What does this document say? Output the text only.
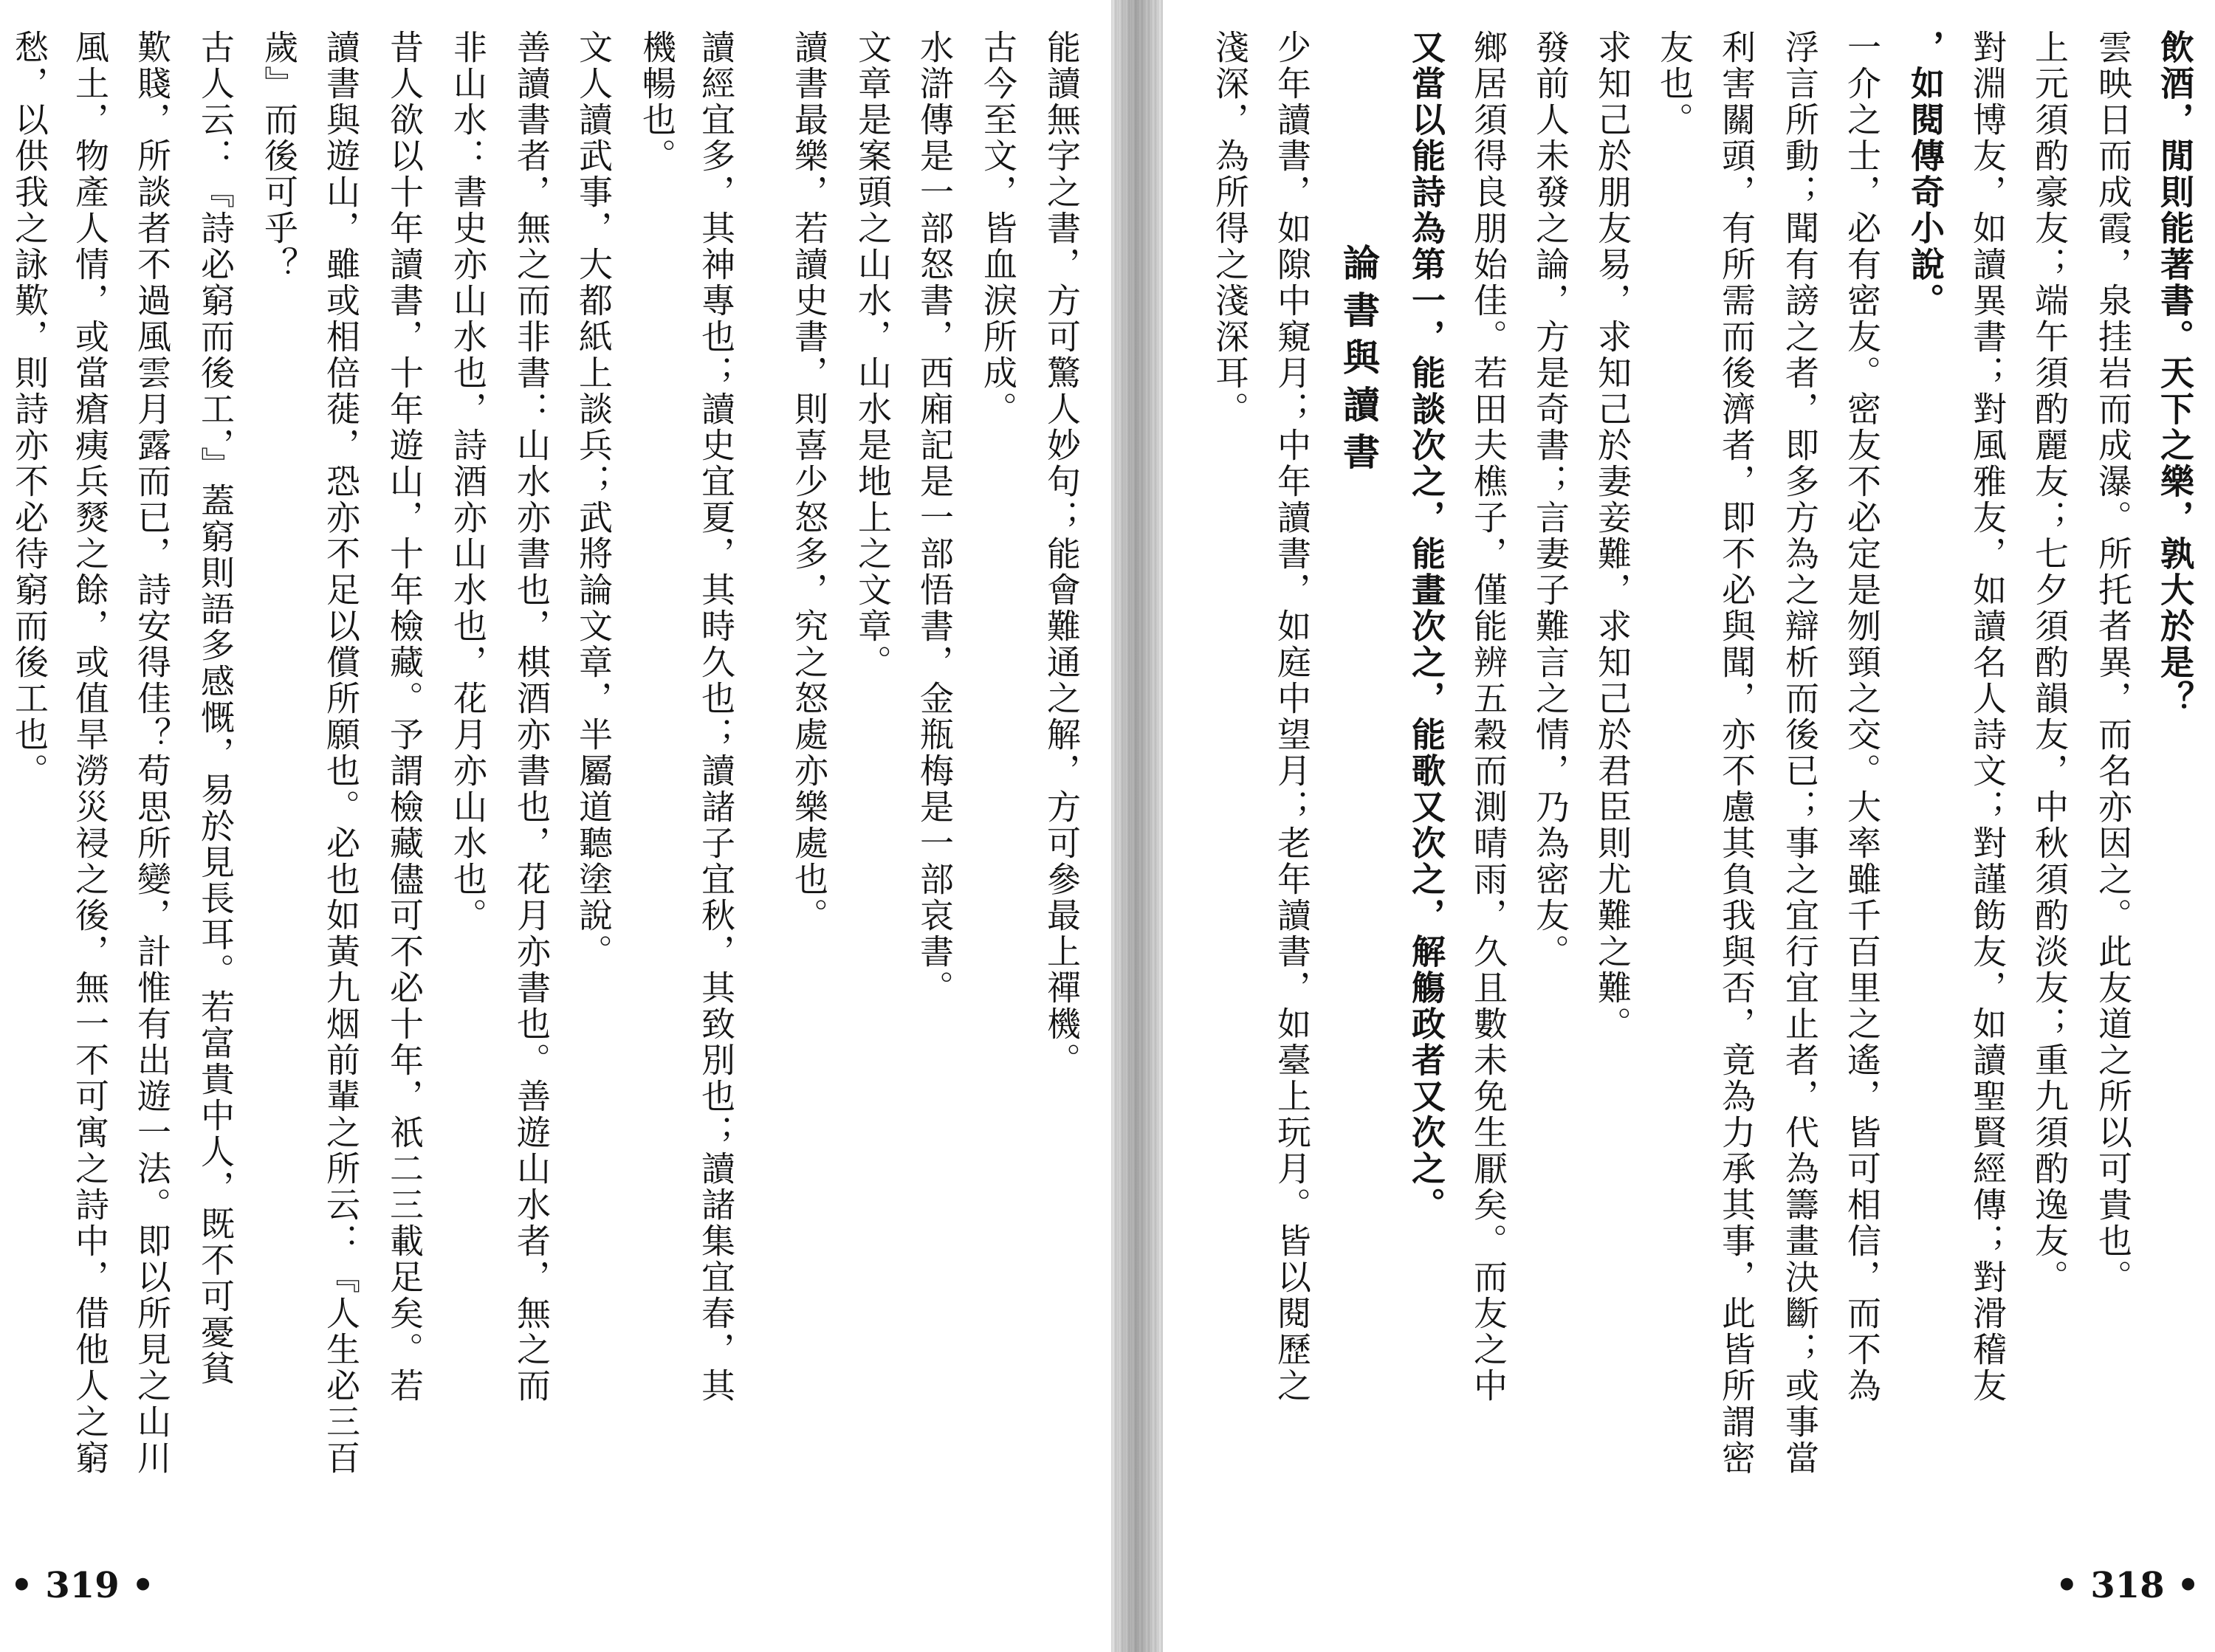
能讀無字之書，方可驚人妙句；能會難通之解，方可參最上禪機。
古今至文，皆血淚所成。
水滸傳是一部怒書，西廂記是一部悟書，金瓶梅是一部哀書。
文章是案頭之山水，山水是地上之文章。
讀書最樂，若讀史書，則喜少怒多，究之怒處亦樂處也。
讀經宜多，其神專也；讀史宜夏，其時久也；讀諸子宜秋，其致別也；讀諸集宜春，其
機暢也。
文人讀武事，大都紙上談兵；武將論文章，半屬道聽塗說。
善讀書者，無之而非書：山水亦書也，棋酒亦書也，花月亦書也。善遊山水者，無之而
非山水：書史亦山水也，詩酒亦山水也，花月亦山水也。
昔人欲以十年讀書，十年遊山，十年檢藏。予謂檢藏儘可不必十年，祇二三載足矣。若
讀書與遊山，雖或相倍蓰，恐亦不足以償所願也。必也如黃九烟前輩之所云：『人生必三百
歲』而後可乎？
古人云：『詩必窮而後工，』蓋窮則語多感慨，易於見長耳。若富貴中人，既不可憂貧
歎賤，所談者不過風雲月露而已，詩安得佳？苟思所變，計惟有出遊一法。即以所見之山川
風土，物產人情，或當瘡痍兵燹之餘，或值旱澇災祲之後，無一不可寓之詩中，借他人之窮
愁，以供我之詠歎，則詩亦不必待窮而後工也。
• 319 •
飲酒，閒則能著書。天下之樂，孰大於是？
雲映日而成霞，泉挂岩而成瀑。所托者異，而名亦因之。此友道之所以可貴也。
上元須酌豪友；端午須酌麗友；七夕須酌韻友，中秋須酌淡友；重九須酌逸友。
對淵博友，如讀異書；對風雅友，如讀名人詩文；對謹飭友，如讀聖賢經傳；對滑稽友
，如閱傳奇小說。
一介之士，必有密友。密友不必定是刎頸之交。大率雖千百里之遙，皆可相信，而不為
浮言所動；聞有謗之者，即多方為之辯析而後已；事之宜行宜止者，代為籌畫決斷；或事當
利害關頭，有所需而後濟者，即不必與聞，亦不慮其負我與否，竟為力承其事，此皆所謂密
友也。
求知己於朋友易，求知己於妻妾難，求知己於君臣則尤難之難。
發前人未發之論，方是奇書；言妻子難言之情，乃為密友。
鄉居須得良朋始佳。若田夫樵子，僅能辨五穀而測晴雨，久且數未免生厭矣。而友之中
又當以能詩為第一，能談次之，能畫次之，能歌又次之，解觴政者又次之。
論書與讀書
少年讀書，如隙中窺月；中年讀書，如庭中望月；老年讀書，如臺上玩月。皆以閱歷之
淺深，為所得之淺深耳。
• 318 •
